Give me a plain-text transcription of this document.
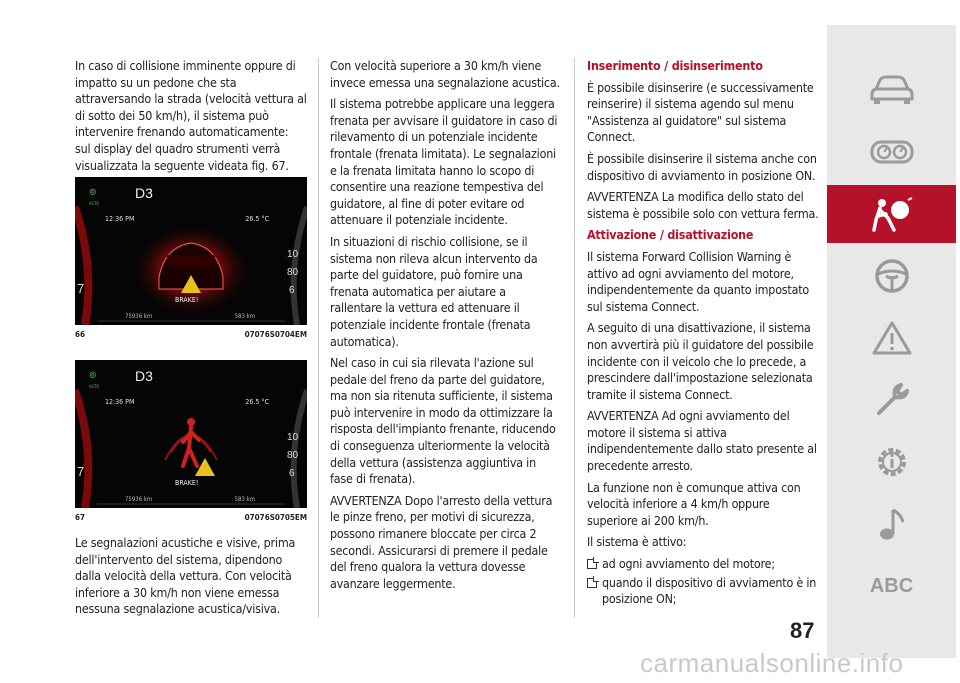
In caso di collisione imminente oppure di impatto su un pedone che sta attraversando la strada (velocità vettura al di sotto dei 50 km/h), il sistema può intervenire frenando automaticamente: sul display del quadro strumenti verrà visualizzata la seguente videata fig. 67.

7
10
80
6
⊚
AUTO
D3
12:36 PM	26.5 °C
BRAKE!
75936 km	583 km
66	07076S0704EM
7
10
80
6
⊚
AUTO
D3
12:36 PM	26.5 °C
BRAKE!
75936 km	583 km
67	07076S0705EM

Le segnalazioni acustiche e visive, prima dell'intervento del sistema, dipendono dalla velocità della vettura. Con velocità inferiore a 30 km/h non viene emessa nessuna segnalazione acustica/visiva.

Con velocità superiore a 30 km/h viene invece emessa una segnalazione acustica.

Il sistema potrebbe applicare una leggera frenata per avvisare il guidatore in caso di rilevamento di un potenziale incidente frontale (frenata limitata). Le segnalazioni e la frenata limitata hanno lo scopo di consentire una reazione tempestiva del guidatore, al fine di poter evitare od attenuare il potenziale incidente.

In situazioni di rischio collisione, se il sistema non rileva alcun intervento da parte del guidatore, può fornire una frenata automatica per aiutare a rallentare la vettura ed attenuare il potenziale incidente frontale (frenata automatica).

Nel caso in cui sia rilevata l'azione sul pedale del freno da parte del guidatore, ma non sia ritenuta sufficiente, il sistema può intervenire in modo da ottimizzare la risposta dell'impianto frenante, riducendo di conseguenza ulteriormente la velocità della vettura (assistenza aggiuntiva in fase di frenata).

AVVERTENZA Dopo l'arresto della vettura le pinze freno, per motivi di sicurezza, possono rimanere bloccate per circa 2 secondi. Assicurarsi di premere il pedale del freno qualora la vettura dovesse avanzare leggermente.

Inserimento / disinserimento

È possibile disinserire (e successivamente reinserire) il sistema agendo sul menu "Assistenza al guidatore" sul sistema Connect.

È possibile disinserire il sistema anche con dispositivo di avviamento in posizione ON.

AVVERTENZA La modifica dello stato del sistema è possibile solo con vettura ferma.

Attivazione / disattivazione

Il sistema Forward Collision Warning è attivo ad ogni avviamento del motore, indipendentemente da quanto impostato sul sistema Connect.

A seguito di una disattivazione, il sistema non avvertirà più il guidatore del possibile incidente con il veicolo che lo precede, a prescindere dall'impostazione selezionata tramite il sistema Connect.

AVVERTENZA Ad ogni avviamento del motore il sistema si attiva indipendentemente dallo stato presente al precedente arresto.

La funzione non è comunque attiva con velocità inferiore a 4 km/h oppure superiore ai 200 km/h.

Il sistema è attivo:

ad ogni avviamento del motore;
quando il dispositivo di avviamento è in posizione ON;
ABC
87
carmanualsonline.info
